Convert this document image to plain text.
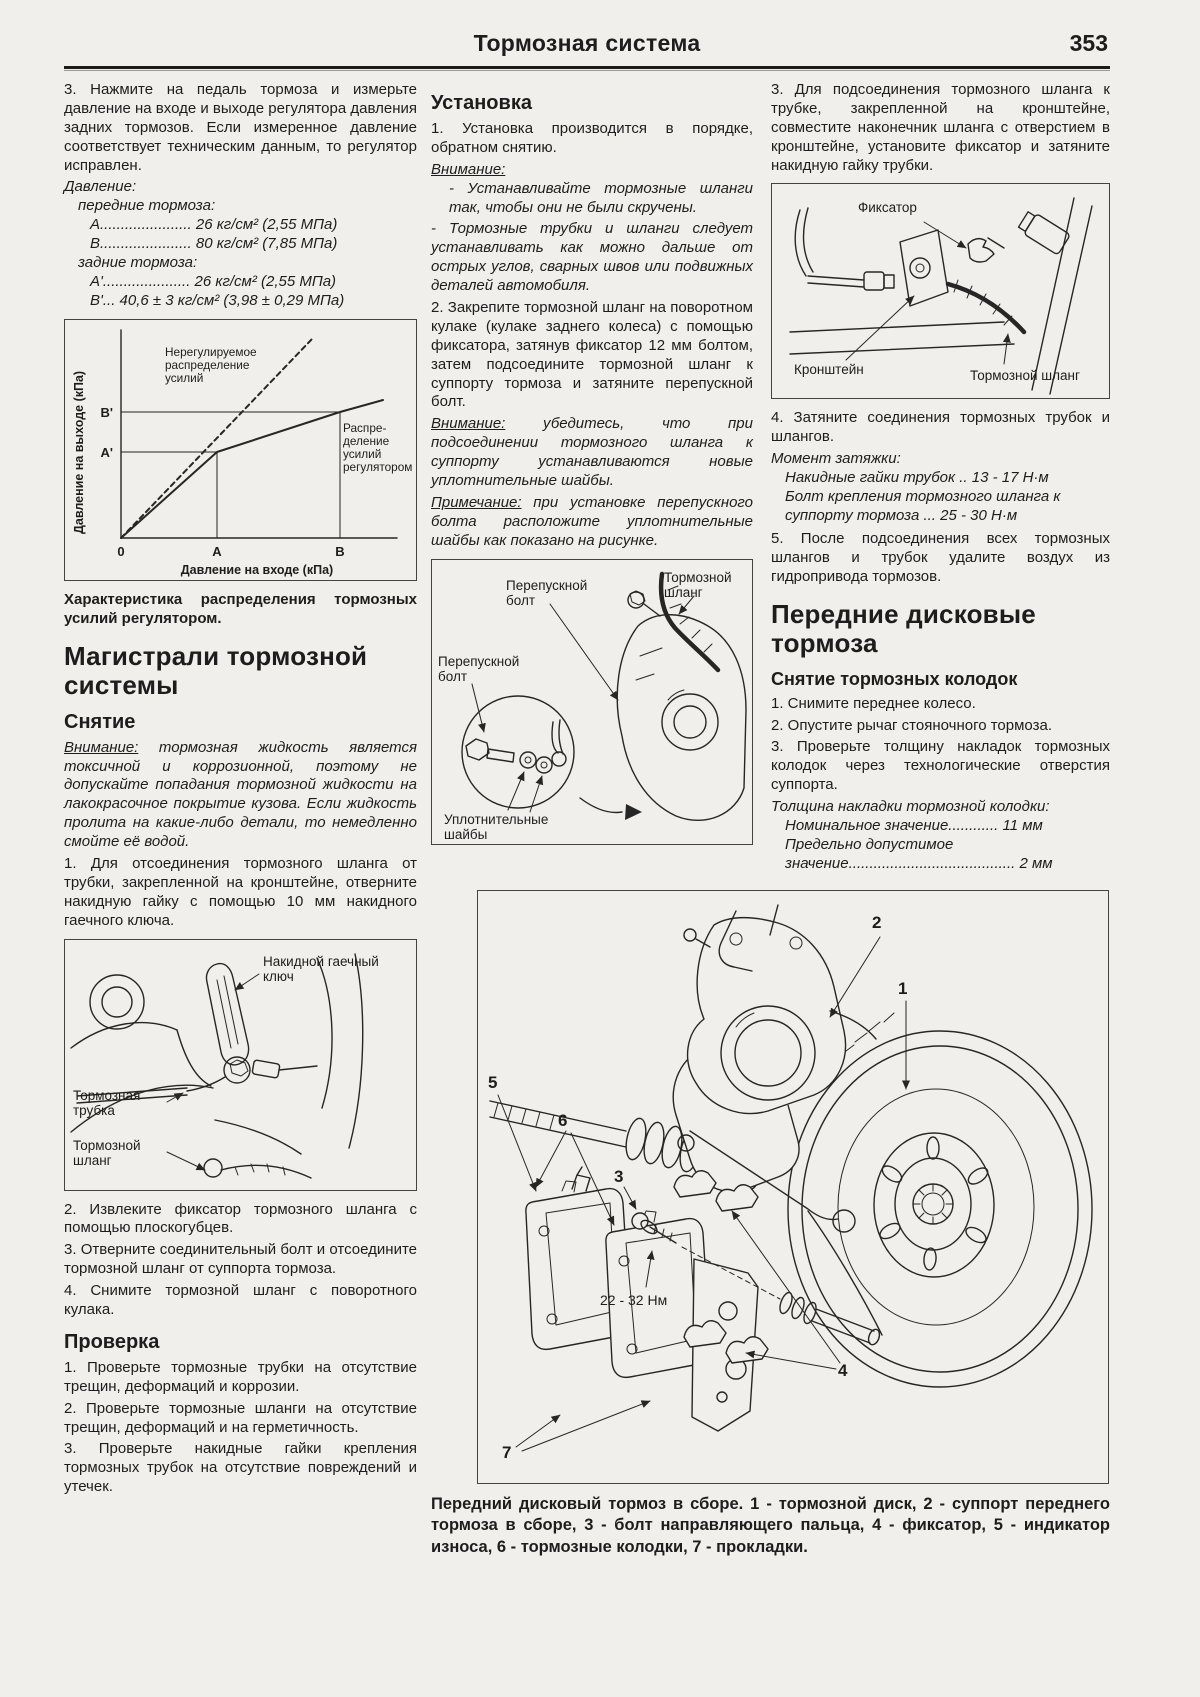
Тормозная система	353

3. Нажмите на педаль тормоза и измерьте давление на входе и выходе регулятора давления задних тормозов. Если измеренное давление соответствует техническим данным, то регулятор исправлен.

Давление:
передние тормоза:
А...................... 26 кг/см² (2,55 МПа)
В...................... 80 кг/см² (7,85 МПа)
задние тормоза:
А'..................... 26 кг/см² (2,55 МПа)
В'... 40,6 ± 3 кг/см² (3,98 ± 0,29 МПа)
0	A	B
B'
A'
Давление на входе (кПа)
Давление на выходе (кПа)
Нерегулируемое распределение усилий
Распре- деление усилий регулятором

Характеристика распределения тормозных усилий регулятором.

Магистрали тормозной системы
Снятие

Внимание: тормозная жидкость является токсичной и коррозионной, поэтому не допускайте попадания тормозной жидкости на лакокрасочное покрытие кузова. Если жидкость пролита на какие-либо детали, то немедленно смойте её водой.

1. Для отсоединения тормозного шланга от трубки, закрепленной на кронштейне, отверните накидную гайку с помощью 10 мм накидного гаечного ключа.

Накидной гаечный ключ
Тормозная трубка
Тормозной шланг

2. Извлеките фиксатор тормозного шланга с помощью плоскогубцев.

3. Отверните соединительный болт и отсоедините тормозной шланг от суппорта тормоза.

4. Снимите тормозной шланг с поворотного кулака.

Проверка

1. Проверьте тормозные трубки на отсутствие трещин, деформаций и коррозии.

2. Проверьте тормозные шланги на отсутствие трещин, деформаций и на герметичность.

3. Проверьте накидные гайки крепления тормозных трубок на отсутствие повреждений и утечек.

Установка

1. Установка производится в порядке, обратном снятию.

Внимание:

- Устанавливайте тормозные шланги так, чтобы они не были скручены.

- Тормозные трубки и шланги следует устанавливать как можно дальше от острых углов, сварных швов или подвижных деталей автомобиля.

2. Закрепите тормозной шланг на поворотном кулаке (кулаке заднего колеса) с помощью фиксатора, затянув фиксатор 12 мм болтом, затем подсоедините тормозной шланг к суппорту тормоза и затяните перепускной болт.

Внимание: убедитесь, что при подсоединении тормозного шланга к суппорту устанавливаются новые уплотнительные шайбы.

Примечание: при установке перепускного болта расположите уплотнительные шайбы как показано на рисунке.

Перепускной болт
Тормозной шланг
Перепускной болт
Уплотнительные шайбы

3. Для подсоединения тормозного шланга к трубке, закрепленной на кронштейне, совместите наконечник шланга с отверстием в кронштейне, установите фиксатор и затяните накидную гайку трубки.

Фиксатор
Кронштейн	Тормозной шланг

4. Затяните соединения тормозных трубок и шлангов.

Момент затяжки:
Накидные гайки трубок .. 13 - 17 Н·м
Болт крепления тормозного шланга к суппорту тормоза ... 25 - 30 Н·м

5. После подсоединения всех тормозных шлангов и трубок удалите воздух из гидропривода тормозов.

Передние дисковые тормоза
Снятие тормозных колодок

1. Снимите переднее колесо.

2. Опустите рычаг стояночного тормоза.

3. Проверьте толщину накладок тормозных колодок через технологические отверстия суппорта.

Толщина накладки тормозной колодки:
Номинальное значение............ 11 мм
Предельно допустимое значение........................................ 2 мм
2
1
5
6
3
22 - 32 Нм
4
7

Передний дисковый тормоз в сборе. 1 - тормозной диск, 2 - суппорт переднего тормоза в сборе, 3 - болт направляющего пальца, 4 - фиксатор, 5 - индикатор износа, 6 - тормозные колодки, 7 - прокладки.
